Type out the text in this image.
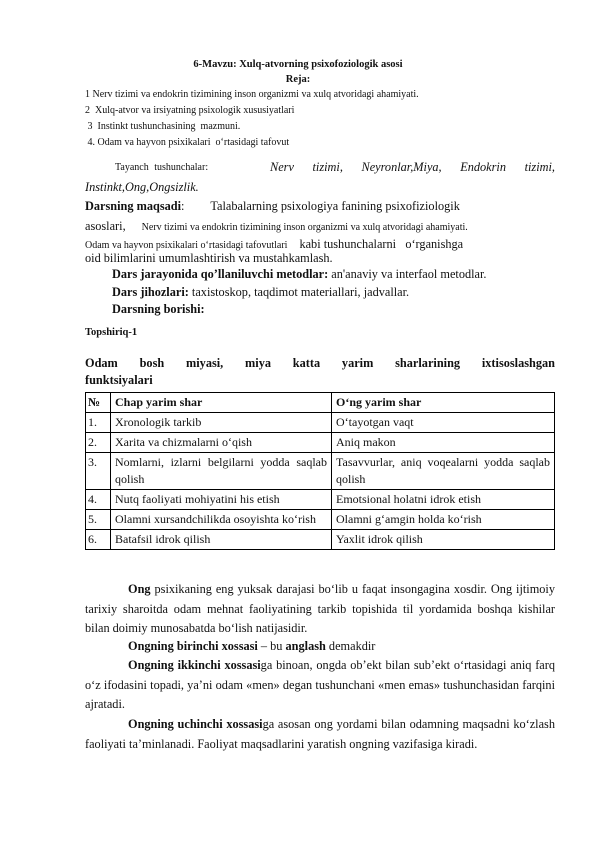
6-Mavzu: Xulq-atvorning psixofoziologik asosi
Reja:
1 Nerv tizimi va endokrin tizimining inson organizmi va xulq atvoridagi ahamiyati.
2  Xulq-atvor va irsiyatning psixologik xususiyatlari
3  Instinkt tushunchasining  mazmuni.
4. Odam va hayvon psixikalari  o‘rtasidagi tafovut
Tayanch tushunchalar:	Nerv tizimi, Neyronlar,Miya, Endokrin tizimi,
Instinkt,Ong,Ongsizlik.
Darsning maqsadi: Talabalarning psixologiya fanining psixofiziologik
asoslari, Nerv tizimi va endokrin tizimining inson organizmi va xulq atvoridagi ahamiyati.
Odam va hayvon psixikalari o‘rtasidagi tafovutlari kabi tushunchalarni   o‘rganishga
oid bilimlarini umumlashtirish va mustahkamlash.
Dars jarayonida qo’llaniluvchi metodlar: an'anaviy va interfaol metodlar.
Dars jihozlari: taxistoskop, taqdimot materiallari, jadvallar.
Darsning borishi:
Topshiriq-1
Odam bosh miyasi, miya katta yarim sharlarining ixtisoslashgan
funktsiyalari
№	Chap yarim shar	O‘ng yarim shar
1.	Xronologik tarkib	O‘tayotgan vaqt
2.	Xarita va chizmalarni o‘qish	Aniq makon
3.	Nomlarni, izlarni belgilarni yodda saqlab qolish	Tasavvurlar, aniq voqealarni yodda saqlab qolish
4.	Nutq faoliyati mohiyatini his etish	Emotsional holatni idrok etish
5.	Olamni xursandchilikda osoyishta ko‘rish	Olamni g‘amgin holda ko‘rish
6.	Batafsil idrok qilish	Yaxlit idrok qilish
Ong psixikaning eng yuksak darajasi bo‘lib u faqat insongagina xosdir. Ong ijtimoiy tarixiy sharoitda odam mehnat faoliyatining tarkib topishida til yordamida boshqa kishilar bilan doimiy munosabatda bo‘lish natijasidir.
Ongning birinchi xossasi – bu anglash demakdir
Ongning ikkinchi xossasiga binoan, ongda ob’ekt bilan sub’ekt o‘rtasidagi aniq farq o‘z ifodasini topadi, ya’ni odam «men» degan tushunchani «men emas» tushunchasidan farqini ajratadi.
Ongning uchinchi xossasiga asosan ong yordami bilan odamning maqsadni ko‘zlash faoliyati ta’minlanadi. Faoliyat maqsadlarini yaratish ongning vazifasiga kiradi.
